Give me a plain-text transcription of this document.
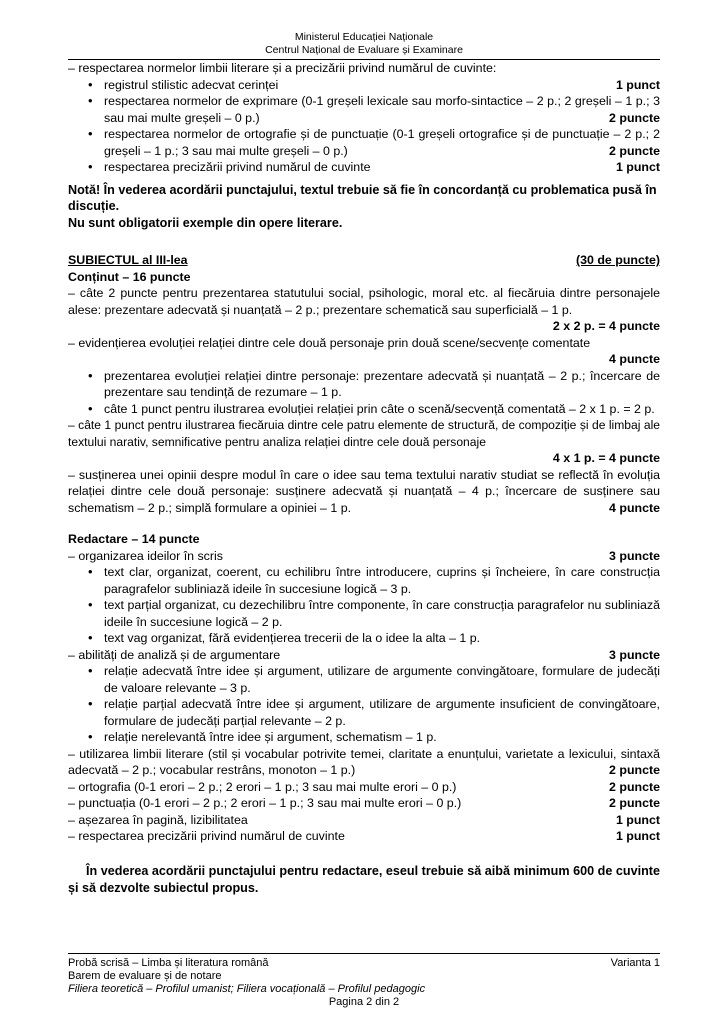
Ministerul Educației Naționale
Centrul Național de Evaluare și Examinare
– respectarea normelor limbii literare și a precizării privind numărul de cuvinte:
• registrul stilistic adecvat cerinței	1 punct
• respectarea normelor de exprimare (0-1 greșeli lexicale sau morfo-sintactice – 2 p.; 2 greșeli – 1 p.; 3 sau mai multe greșeli – 0 p.)	2 puncte
• respectarea normelor de ortografie și de punctuație (0-1 greșeli ortografice și de punctuație – 2 p.; 2 greșeli – 1 p.; 3 sau mai multe greșeli – 0 p.)	2 puncte
• respectarea precizării privind numărul de cuvinte	1 punct
Notă! În vederea acordării punctajului, textul trebuie să fie în concordanță cu problematica pusă în discuție.
Nu sunt obligatorii exemple din opere literare.
SUBIECTUL al III-lea	(30 de puncte)
Conținut – 16 puncte
– câte 2 puncte pentru prezentarea statutului social, psihologic, moral etc. al fiecăruia dintre personajele alese: prezentare adecvată și nuanțată – 2 p.; prezentare schematică sau superficială – 1 p.
2 x 2 p. = 4 puncte
– evidențierea evoluției relației dintre cele două personaje prin două scene/secvențe comentate
4 puncte
• prezentarea evoluției relației dintre personaje: prezentare adecvată și nuanțată – 2 p.; încercare de prezentare sau tendință de rezumare – 1 p.
• câte 1 punct pentru ilustrarea evoluției relației prin câte o scenă/secvență comentată – 2 x 1 p. = 2 p.
– câte 1 punct pentru ilustrarea fiecăruia dintre cele patru elemente de structură, de compoziție și de limbaj ale textului narativ, semnificative pentru analiza relației dintre cele două personaje
4 x 1 p. = 4 puncte
– susținerea unei opinii despre modul în care o idee sau tema textului narativ studiat se reflectă în evoluția relației dintre cele două personaje: susținere adecvată și nuanțată – 4 p.; încercare de susținere sau schematism – 2 p.; simplă formulare a opiniei – 1 p.	4 puncte
Redactare – 14 puncte
– organizarea ideilor în scris	3 puncte
• text clar, organizat, coerent, cu echilibru între introducere, cuprins și încheiere, în care construcția paragrafelor subliniază ideile în succesiune logică – 3 p.
• text parțial organizat, cu dezechilibru între componente, în care construcția paragrafelor nu subliniază ideile în succesiune logică – 2 p.
• text vag organizat, fără evidențierea trecerii de la o idee la alta – 1 p.
– abilități de analiză și de argumentare	3 puncte
• relație adecvată între idee și argument, utilizare de argumente convingătoare, formulare de judecăți de valoare relevante – 3 p.
• relație parțial adecvată între idee și argument, utilizare de argumente insuficient de convingătoare, formulare de judecăți parțial relevante – 2 p.
• relație nerelevantă între idee și argument, schematism – 1 p.
– utilizarea limbii literare (stil și vocabular potrivite temei, claritate a enunțului, varietate a lexicului, sintaxă adecvată – 2 p.; vocabular restrâns, monoton – 1 p.)	2 puncte
– ortografia (0-1 erori – 2 p.; 2 erori – 1 p.; 3 sau mai multe erori – 0 p.)	2 puncte
– punctuația (0-1 erori – 2 p.; 2 erori – 1 p.; 3 sau mai multe erori – 0 p.)	2 puncte
– așezarea în pagină, lizibilitatea	1 punct
– respectarea precizării privind numărul de cuvinte	1 punct
În vederea acordării punctajului pentru redactare, eseul trebuie să aibă minimum 600 de cuvinte și să dezvolte subiectul propus.
Probă scrisă – Limba și literatura română	Varianta 1
Barem de evaluare și de notare
Filiera teoretică – Profilul umanist; Filiera vocațională – Profilul pedagogic
Pagina 2 din 2
